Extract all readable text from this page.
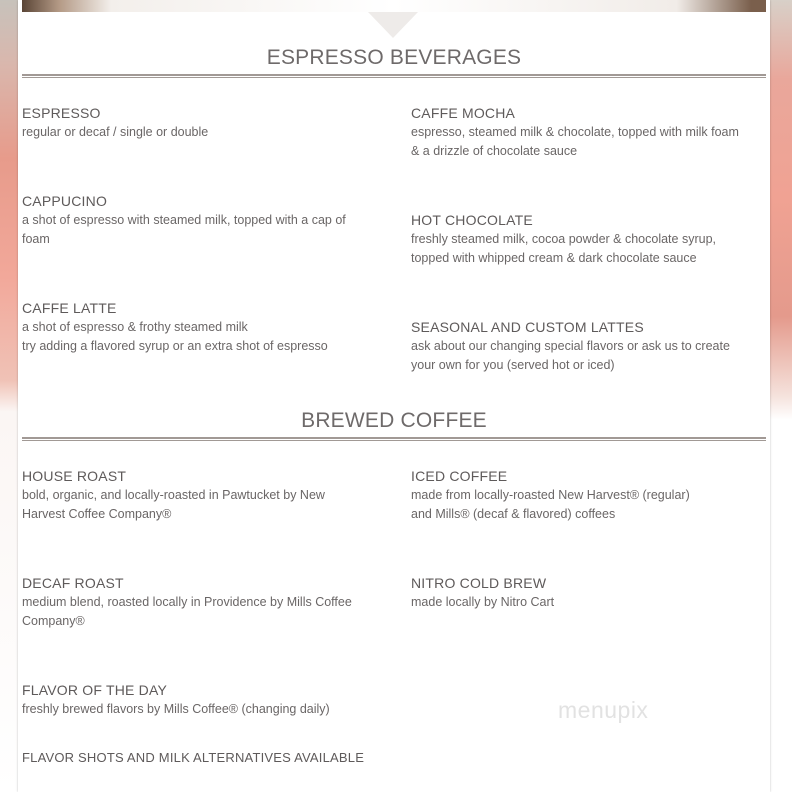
ESPRESSO BEVERAGES

ESPRESSO

regular or decaf / single or double

CAFFE MOCHA

espresso, steamed milk & chocolate, topped with milk foam

& a drizzle of chocolate sauce

CAPPUCINO

a shot of espresso with steamed milk, topped with a cap of

foam

HOT CHOCOLATE

freshly steamed milk, cocoa powder & chocolate syrup,

topped with whipped cream & dark chocolate sauce

CAFFE LATTE

a shot of espresso & frothy steamed milk

try adding a flavored syrup or an extra shot of espresso

SEASONAL AND CUSTOM LATTES

ask about our changing special flavors or ask us to create

your own for you (served hot or iced)

BREWED COFFEE

HOUSE ROAST

bold, organic, and locally-roasted in Pawtucket by New

Harvest Coffee Company®

ICED COFFEE

made from locally-roasted New Harvest® (regular)

and Mills® (decaf & flavored) coffees

DECAF ROAST

medium blend, roasted locally in Providence by Mills Coffee

Company®

NITRO COLD BREW

made locally by Nitro Cart

FLAVOR OF THE DAY

freshly brewed flavors by Mills Coffee® (changing daily)

FLAVOR SHOTS AND MILK ALTERNATIVES AVAILABLE
menupix
